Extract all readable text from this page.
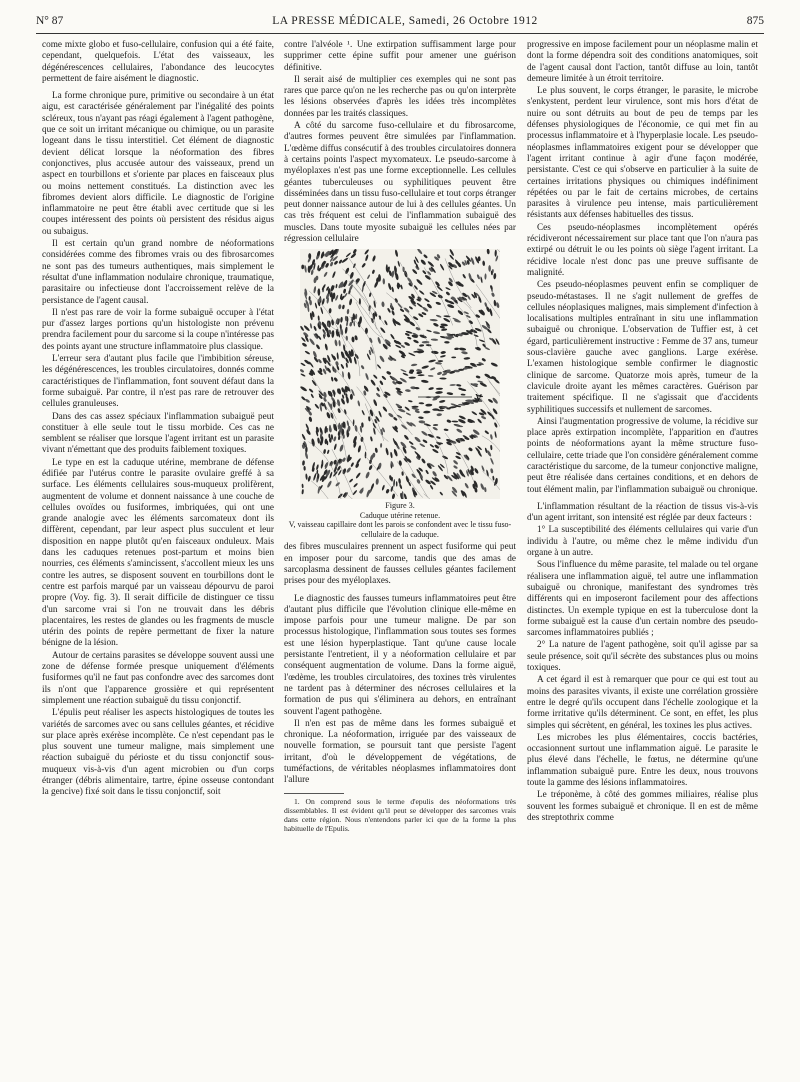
N° 87	LA PRESSE MÉDICALE, Samedi, 26 Octobre 1912	875

come mixte globo et fuso-cellulaire, confusion qui a été faite, cependant, quelquefois. L'état des vaisseaux, les dégénérescences cellulaires, l'abondance des leucocytes permettent de faire aisément le diagnostic.

La forme chronique pure, primitive ou secondaire à un état aigu, est caractérisée généralement par l'inégalité des points scléreux, tous n'ayant pas réagi également à l'agent pathogène, que ce soit un irritant mécanique ou chimique, ou un parasite logeant dans le tissu interstitiel. Cet élément de diagnostic devient délicat lorsque la néoformation des fibres conjonctives, plus accusée autour des vaisseaux, prend un aspect en tourbillons et s'oriente par places en faisceaux plus ou moins nettement constitués. La distinction avec les fibromes devient alors difficile. Le diagnostic de l'origine inflammatoire ne peut être établi avec certitude que si les coupes intéressent des points où persistent des résidus aigus ou subaigus.

Il est certain qu'un grand nombre de néoformations considérées comme des fibromes vrais ou des fibrosarcomes ne sont pas des tumeurs authentiques, mais simplement le résultat d'une inflammation nodulaire chronique, traumatique, parasitaire ou infectieuse dont l'accroissement relève de la persistance de l'agent causal.

Il n'est pas rare de voir la forme subaiguë occuper à l'état pur d'assez larges portions qu'un histologiste non prévenu prendra facilement pour du sarcome si la coupe n'intéresse pas des points ayant une structure inflammatoire plus classique.

L'erreur sera d'autant plus facile que l'imbibition séreuse, les dégénérescences, les troubles circulatoires, donnés comme caractéristiques de l'inflammation, font souvent défaut dans la forme subaiguë. Par contre, il n'est pas rare de retrouver des cellules granuleuses.

Dans des cas assez spéciaux l'inflammation subaiguë peut constituer à elle seule tout le tissu morbide. Ces cas ne semblent se réaliser que lorsque l'agent irritant est un parasite vivant n'émettant que des produits faiblement toxiques.

Le type en est la caduque utérine, membrane de défense édifiée par l'utérus contre le parasite ovulaire greffé à sa surface. Les éléments cellulaires sous-muqueux prolifèrent, augmentent de volume et donnent naissance à une couche de cellules ovoïdes ou fusiformes, imbriquées, qui ont une grande analogie avec les éléments sarcomateux dont ils diffèrent, cependant, par leur aspect plus succulent et leur disposition en nappe plutôt qu'en faisceaux onduleux. Mais dans les caduques retenues post-partum et moins bien nourries, ces éléments s'amincissent, s'accollent mieux les uns contre les autres, se disposent souvent en tourbillons dont le centre est parfois marqué par un vaisseau dépourvu de paroi propre (Voy. fig. 3). Il serait difficile de distinguer ce tissu d'un sarcome vrai si l'on ne trouvait dans les débris placentaires, les restes de glandes ou les fragments de muscle utérin des points de repère permettant de fixer la nature bénigne de la lésion.

Autour de certains parasites se développe souvent aussi une zone de défense formée presque uniquement d'éléments fusiformes qu'il ne faut pas confondre avec des sarcomes dont ils n'ont que l'apparence grossière et qui représentent simplement une réaction subaiguë du tissu conjonctif.

L'épulis peut réaliser les aspects histologiques de toutes les variétés de sarcomes avec ou sans cellules géantes, et récidive sur place après exérèse incomplète. Ce n'est cependant pas le plus souvent une tumeur maligne, mais simplement une réaction subaiguë du périoste et du tissu conjonctif sous-muqueux vis-à-vis d'un agent microbien ou d'un corps étranger (débris alimentaire, tartre, épine osseuse contondant la gencive) fixé soit dans le tissu conjonctif, soit

contre l'alvéole ¹. Une extirpation suffisamment large pour supprimer cette épine suffit pour amener une guérison définitive.

Il serait aisé de multiplier ces exemples qui ne sont pas rares que parce qu'on ne les recherche pas ou qu'on interprète les lésions observées d'après les idées très incomplètes données par les traités classiques.

A côté du sarcome fuso-cellulaire et du fibrosarcome, d'autres formes peuvent être simulées par l'inflammation. L'œdème diffus consécutif à des troubles circulatoires donnera à certains points l'aspect myxomateux. Le pseudo-sarcome à myéloplaxes n'est pas une forme exceptionnelle. Les cellules géantes tuberculeuses ou syphilitiques peuvent être disséminées dans un tissu fuso-cellulaire et tout corps étranger peut donner naissance autour de lui à des cellules géantes. Un cas très fréquent est celui de l'inflammation subaiguë des muscles. Dans toute myosite subaiguë les cellules nées par régression cellulaire

V
Figure 3.
Caduque utérine retenue.
V, vaisseau capillaire dont les parois se confondent avec le tissu fuso-cellulaire de la caduque.

des fibres musculaires prennent un aspect fusiforme qui peut en imposer pour du sarcome, tandis que des amas de sarcoplasma dessinent de fausses cellules géantes facilement prises pour des myéloplaxes.

Le diagnostic des fausses tumeurs inflammatoires peut être d'autant plus difficile que l'évolution clinique elle-même en impose parfois pour une tumeur maligne. De par son processus histologique, l'inflammation sous toutes ses formes est une lésion hyperplastique. Tant qu'une cause locale persistante l'entretient, il y a néoformation cellulaire et par conséquent augmentation de volume. Dans la forme aiguë, l'œdème, les troubles circulatoires, des toxines très virulentes ne tardent pas à déterminer des nécroses cellulaires et la formation de pus qui s'éliminera au dehors, en entraînant souvent l'agent pathogène.

Il n'en est pas de même dans les formes subaiguë et chronique. La néoformation, irriguée par des vaisseaux de nouvelle formation, se poursuit tant que persiste l'agent irritant, d'où le développement de végétations, de tuméfactions, de véritables néoplasmes inflammatoires dont l'allure

1. On comprend sous le terme d'epulis des néoformations très dissemblables. Il est évident qu'il peut se développer des sarcomes vrais dans cette région. Nous n'entendons parler ici que de la forme la plus habituelle de l'Epulis.

progressive en impose facilement pour un néoplasme malin et dont la forme dépendra soit des conditions anatomiques, soit de l'agent causal dont l'action, tantôt diffuse au loin, tantôt demeure limitée à un étroit territoire.

Le plus souvent, le corps étranger, le parasite, le microbe s'enkystent, perdent leur virulence, sont mis hors d'état de nuire ou sont détruits au bout de peu de temps par les défenses physiologiques de l'économie, ce qui met fin au processus inflammatoire et à l'hyperplasie locale. Les pseudo-néoplasmes inflammatoires exigent pour se développer que l'agent irritant continue à agir d'une façon modérée, persistante. C'est ce qui s'observe en particulier à la suite de certaines irritations physiques ou chimiques indéfiniment répétées ou par le fait de certains microbes, de certains parasites à virulence peu intense, mais particulièrement résistants aux défenses habituelles des tissus.

Ces pseudo-néoplasmes incomplètement opérés récidiveront nécessairement sur place tant que l'on n'aura pas extirpé ou détruit le ou les points où siège l'agent irritant. La récidive locale n'est donc pas une preuve suffisante de malignité.

Ces pseudo-néoplasmes peuvent enfin se compliquer de pseudo-métastases. Il ne s'agit nullement de greffes de cellules néoplasiques malignes, mais simplement d'infection à localisations multiples entraînant in situ une inflammation subaiguë ou chronique. L'observation de Tuffier est, à cet égard, particulièrement instructive : Femme de 37 ans, tumeur sous-clavière gauche avec ganglions. Large exérèse. L'examen histologique semble confirmer le diagnostic clinique de sarcome. Quatorze mois après, tumeur de la clavicule droite ayant les mêmes caractères. Guérison par traitement spécifique. Il ne s'agissait que d'accidents syphilitiques successifs et nullement de sarcomes.

Ainsi l'augmentation progressive de volume, la récidive sur place après extirpation incomplète, l'apparition en d'autres points de néoformations ayant la même structure fuso-cellulaire, cette triade que l'on considère généralement comme caractéristique du sarcome, de la tumeur conjonctive maligne, peut être réalisée dans certaines conditions, et en dehors de tout élément malin, par l'inflammation subaiguë ou chronique.

L'inflammation résultant de la réaction de tissus vis-à-vis d'un agent irritant, son intensité est réglée par deux facteurs :

1° La susceptibilité des éléments cellulaires qui varie d'un individu à l'autre, ou même chez le même individu d'un organe à un autre.

Sous l'influence du même parasite, tel malade ou tel organe réalisera une inflammation aiguë, tel autre une inflammation subaiguë ou chronique, manifestant des syndromes très différents qui en imposeront facilement pour des affections distinctes. Un exemple typique en est la tuberculose dont la forme subaiguë est la cause d'un certain nombre des pseudo-sarcomes inflammatoires publiés ;

2° La nature de l'agent pathogène, soit qu'il agisse par sa seule présence, soit qu'il sécrète des substances plus ou moins toxiques.

A cet égard il est à remarquer que pour ce qui est tout au moins des parasites vivants, il existe une corrélation grossière entre le degré qu'ils occupent dans l'échelle zoologique et la forme irritative qu'ils déterminent. Ce sont, en effet, les plus simples qui sécrètent, en général, les toxines les plus actives.

Les microbes les plus élémentaires, coccis bactéries, occasionnent surtout une inflammation aiguë. Le parasite le plus élevé dans l'échelle, le fœtus, ne détermine qu'une inflammation subaiguë pure. Entre les deux, nous trouvons toute la gamme des lésions inflammatoires.

Le tréponème, à côté des gommes miliaires, réalise plus souvent les formes subaiguë et chronique. Il en est de même des streptothrix comme
